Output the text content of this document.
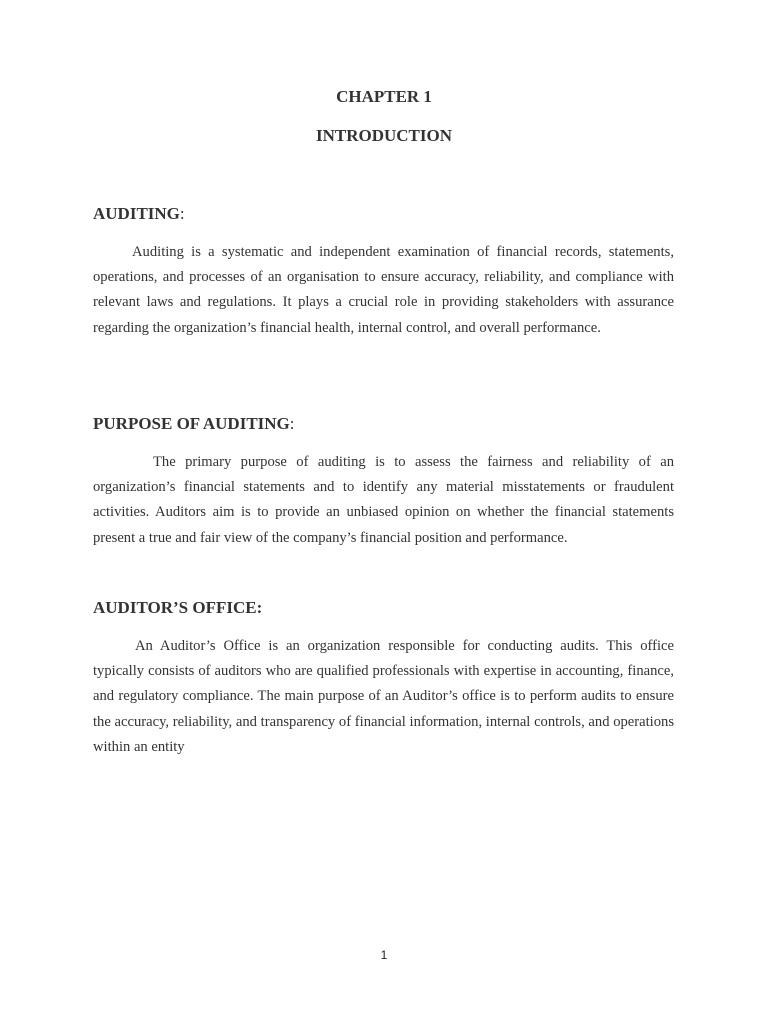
CHAPTER 1
INTRODUCTION
AUDITING:

Auditing is a systematic and independent examination of financial records, statements, operations, and processes of an organisation to ensure accuracy, reliability, and compliance with relevant laws and regulations. It plays a crucial role in providing stakeholders with assurance regarding the organization’s financial health, internal control, and overall performance.

PURPOSE OF AUDITING:

The primary purpose of auditing is to assess the fairness and reliability of an organization’s financial statements and to identify any material misstatements or fraudulent activities. Auditors aim is to provide an unbiased opinion on whether the financial statements present a true and fair view of the company’s financial position and performance.

AUDITOR’S OFFICE:

An Auditor’s Office is an organization responsible for conducting audits. This office typically consists of auditors who are qualified professionals with expertise in accounting, finance, and regulatory compliance. The main purpose of an Auditor’s office is to perform audits to ensure the accuracy, reliability, and transparency of financial information, internal controls, and operations within an entity

1
